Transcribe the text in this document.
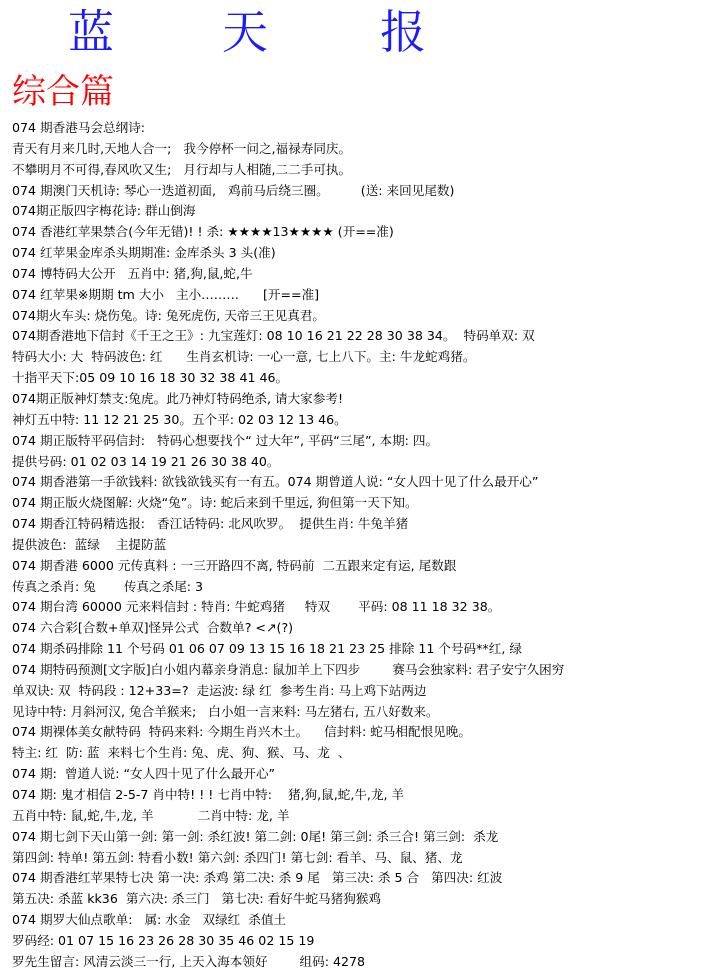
蓝 天 报
综合篇
074 期香港马会总纲诗:
青天有月来几时,天地人合一;   我今停杯一问之,福禄寿同庆。
不攀明月不可得,春风吹又生;   月行却与人相随,二二手可执。
074 期澳门天机诗: 琴心一迭道初面,   鸡前马后绕三圈。        (送: 来回见尾数)
074期正版四字梅花诗: 群山倒海
074 香港红苹果禁合(今年无错)! ! 杀: ★★★★13★★★★ (开==准)
074 红苹果金库杀头期期准: 金库杀头 3 头(准)
074 博特码大公开   五肖中: 猪,狗,鼠,蛇,牛
074 红苹果※期期 tm 大小   主小………      [开==准]
074期火车头: 烧伤兔。诗: 兔死虎伤, 天帝三王见真君。
074期香港地下信封《千王之王》: 九宝莲灯: 08 10 16 21 22 28 30 38 34。  特码单双: 双
特码大小: 大  特码波色: 红      生肖玄机诗: 一心一意, 七上八下。主: 牛龙蛇鸡猪。
十指平天下:05 09 10 16 18 30 32 38 41 46。
074期正版神灯禁支:兔虎。此乃神灯特码绝杀, 请大家参考!
神灯五中特: 11 12 21 25 30。五个平: 02 03 12 13 46。
074 期正版特平码信封:   特码心想要找个“ 过大年”, 平码“三尾”, 本期: 四。
提供号码: 01 02 03 14 19 21 26 30 38 40。
074 期香港第一手欲钱料: 欲钱欲钱买有一有五。074 期曾道人说: “女人四十见了什么最开心”
074 期正版火烧图解: 火烧“兔”。诗: 蛇后来到千里远, 狗但第一天下知。
074 期香江特码精选报:   香江话特码: 北风吹罗。  提供生肖: 牛兔羊猪
提供波色:  蓝绿    主提防蓝
074 期香港 6000 元传真料 : 一三开路四不离, 特码前  二五跟来定有运, 尾数跟
传真之杀肖: 兔       传真之杀尾: 3
074 期台湾 60000 元来料信封 : 特肖: 牛蛇鸡猪     特双       平码: 08 11 18 32 38。
074 六合彩[合数+单双]怪异公式  合数单? <↗(?)
074 期杀码排除 11 个号码 01 06 07 09 13 15 16 18 21 23 25 排除 11 个号码**红, 绿
074 期特码预测[文字版]白小姐内幕亲身消息: 鼠加羊上下四步        赛马会独家料: 君子安宁久困穷
单双诀: 双  特码段 : 12+33=?  走运波: 绿 红  参考生肖: 马上鸡下站两边
见诗中特: 月斜河汉, 兔合羊猴来;   白小姐一言来料: 马左猪右, 五八好数来。
074 期裸体美女献特码  特码来料: 今期生肖兴木土。    信封料: 蛇马相配恨见晚。
特主: 红  防: 蓝  来料七个生肖: 兔、虎、狗、猴、马、龙  、
074 期:  曾道人说: “女人四十见了什么最开心”
074 期: 鬼才相信 2-5-7 肖中特! ! ! 七肖中特:    猪,狗,鼠,蛇,牛,龙, 羊
五肖中特: 鼠,蛇,牛,龙, 羊           二肖中特: 龙, 羊
074 期七剑下天山第一剑: 第一剑: 杀红波! 第二剑: 0尾! 第三剑: 杀三合! 第三剑:  杀龙
第四剑: 特单! 第五剑: 特看小数! 第六剑: 杀四门! 第七剑: 看羊、马、鼠、猪、龙
074 期香港红苹果特七决 第一决: 杀鸡 第二决: 杀 9 尾   第三决: 杀 5 合   第四决: 红波
第五决: 杀蓝 kk36  第六决: 杀三门   第七决: 看好牛蛇马猪狗猴鸡
074 期罗大仙点歌单:   属: 水金   双绿红  杀值土
罗码经: 01 07 15 16 23 26 28 30 35 46 02 15 19
罗先生留言: 风清云淡三一行, 上天入海本领好        组码: 4278
